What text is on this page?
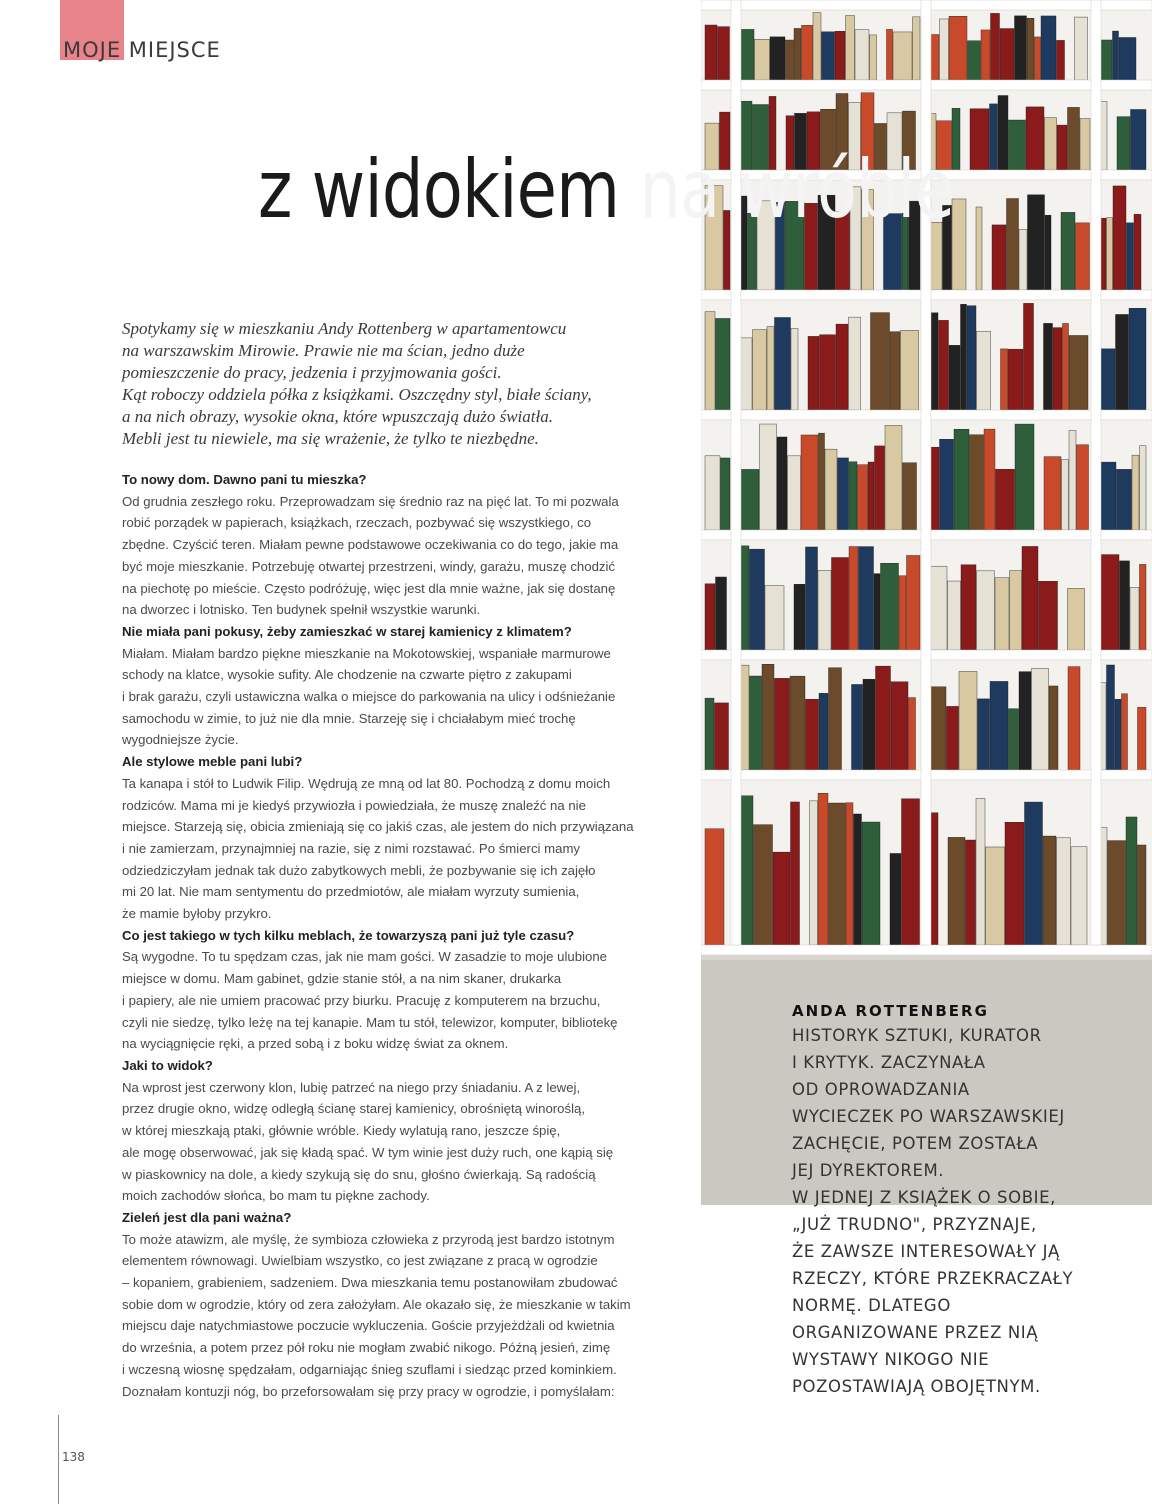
MOJE MIEJSCE
z widokiem na wróble
Spotykamy się w mieszkaniu Andy Rottenberg w apartamentowcu
na warszawskim Mirowie. Prawie nie ma ścian, jedno duże
pomieszczenie do pracy, jedzenia i przyjmowania gości.
Kąt roboczy oddziela półka z książkami. Oszczędny styl, białe ściany,
a na nich obrazy, wysokie okna, które wpuszczają dużo światła.
Mebli jest tu niewiele, ma się wrażenie, że tylko te niezbędne.
To nowy dom. Dawno pani tu mieszka?
Od grudnia zeszłego roku. Przeprowadzam się średnio raz na pięć lat. To mi pozwala
robić porządek w papierach, książkach, rzeczach, pozbywać się wszystkiego, co
zbędne. Czyścić teren. Miałam pewne podstawowe oczekiwania co do tego, jakie ma
być moje mieszkanie. Potrzebuję otwartej przestrzeni, windy, garażu, muszę chodzić
na piechotę po mieście. Często podróżuję, więc jest dla mnie ważne, jak się dostanę
na dworzec i lotnisko. Ten budynek spełnił wszystkie warunki.
Nie miała pani pokusy, żeby zamieszkać w starej kamienicy z klimatem?
Miałam. Miałam bardzo piękne mieszkanie na Mokotowskiej, wspaniałe marmurowe
schody na klatce, wysokie sufity. Ale chodzenie na czwarte piętro z zakupami
i brak garażu, czyli ustawiczna walka o miejsce do parkowania na ulicy i odśnieżanie
samochodu w zimie, to już nie dla mnie. Starzeję się i chciałabym mieć trochę
wygodniejsze życie.
Ale stylowe meble pani lubi?
Ta kanapa i stół to Ludwik Filip. Wędrują ze mną od lat 80. Pochodzą z domu moich
rodziców. Mama mi je kiedyś przywiozła i powiedziała, że muszę znaleźć na nie
miejsce. Starzeją się, obicia zmieniają się co jakiś czas, ale jestem do nich przywiązana
i nie zamierzam, przynajmniej na razie, się z nimi rozstawać. Po śmierci mamy
odziedziczyłam jednak tak dużo zabytkowych mebli, że pozbywanie się ich zajęło
mi 20 lat. Nie mam sentymentu do przedmiotów, ale miałam wyrzuty sumienia,
że mamie byłoby przykro.
Co jest takiego w tych kilku meblach, że towarzyszą pani już tyle czasu?
Są wygodne. To tu spędzam czas, jak nie mam gości. W zasadzie to moje ulubione
miejsce w domu. Mam gabinet, gdzie stanie stół, a na nim skaner, drukarka
i papiery, ale nie umiem pracować przy biurku. Pracuję z komputerem na brzuchu,
czyli nie siedzę, tylko leżę na tej kanapie. Mam tu stół, telewizor, komputer, bibliotekę
na wyciągnięcie ręki, a przed sobą i z boku widzę świat za oknem.
Jaki to widok?
Na wprost jest czerwony klon, lubię patrzeć na niego przy śniadaniu. A z lewej,
przez drugie okno, widzę odległą ścianę starej kamienicy, obrośniętą winoroślą,
w której mieszkają ptaki, głównie wróble. Kiedy wylatują rano, jeszcze śpię,
ale mogę obserwować, jak się kładą spać. W tym winie jest duży ruch, one kąpią się
w piaskownicy na dole, a kiedy szykują się do snu, głośno ćwierkają. Są radością
moich zachodów słońca, bo mam tu piękne zachody.
Zieleń jest dla pani ważna?
To może atawizm, ale myślę, że symbioza człowieka z przyrodą jest bardzo istotnym
elementem równowagi. Uwielbiam wszystko, co jest związane z pracą w ogrodzie
– kopaniem, grabieniem, sadzeniem. Dwa mieszkania temu postanowiłam zbudować
sobie dom w ogrodzie, który od zera założyłam. Ale okazało się, że mieszkanie w takim
miejscu daje natychmiastowe poczucie wykluczenia. Goście przyjeżdżali od kwietnia
do września, a potem przez pół roku nie mogłam zwabić nikogo. Późną jesień, zimę
i wczesną wiosnę spędzałam, odgarniając śnieg szuflami i siedząc przed kominkiem.
Doznałam kontuzji nóg, bo przeforsowałam się przy pracy w ogrodzie, i pomyślałam:
ANDA ROTTENBERG
HISTORYK SZTUKI, KURATOR
I KRYTYK. ZACZYNAŁA
OD OPROWADZANIA
WYCIECZEK PO WARSZAWSKIEJ
ZACHĘCIE, POTEM ZOSTAŁA
JEJ DYREKTOREM.
W JEDNEJ Z KSIĄŻEK O SOBIE,
„JUŻ TRUDNO", PRZYZNAJE,
ŻE ZAWSZE INTERESOWAŁY JĄ
RZECZY, KTÓRE PRZEKRACZAŁY
NORMĘ. DLATEGO
ORGANIZOWANE PRZEZ NIĄ
WYSTAWY NIKOGO NIE
POZOSTAWIAJĄ OBOJĘTNYM.
138
